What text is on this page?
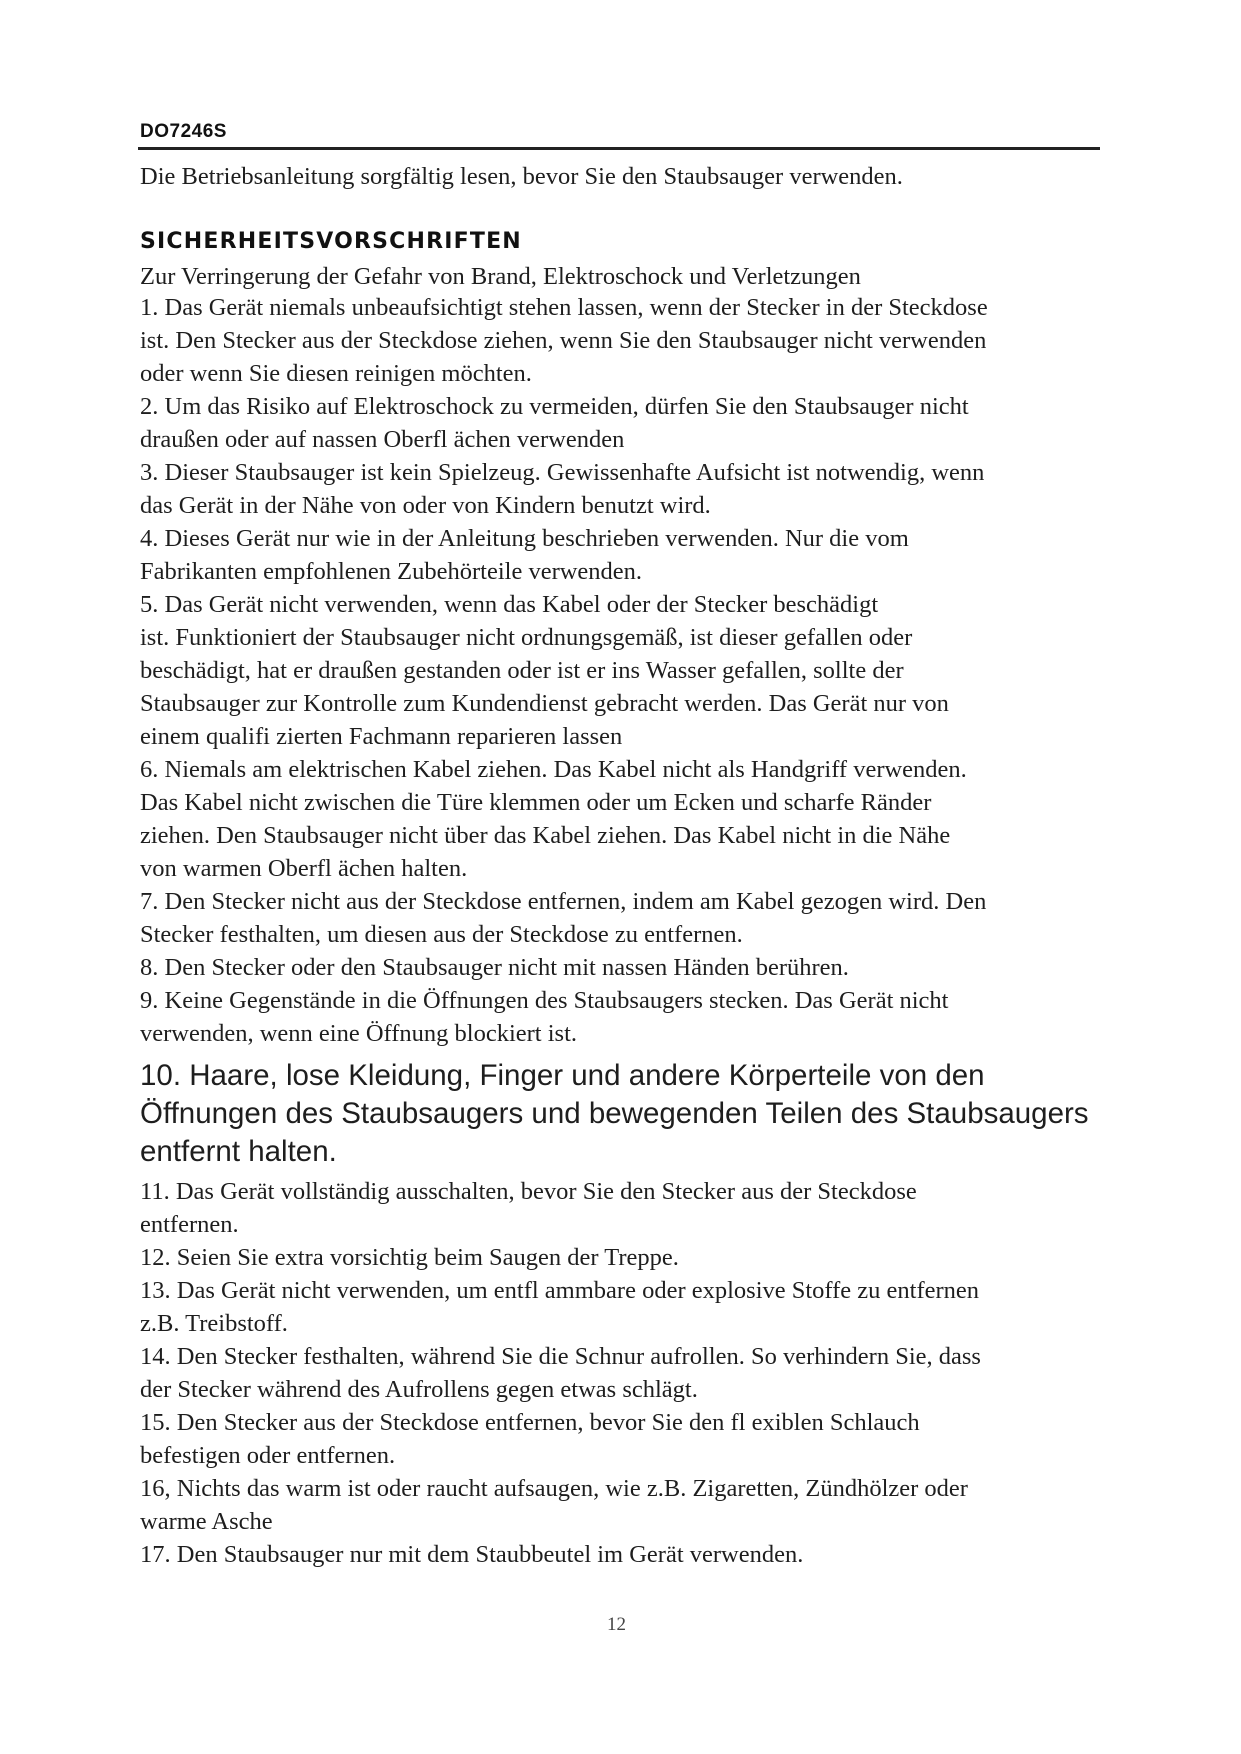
DO7246S
Die Betriebsanleitung sorgfältig lesen, bevor Sie den Staubsauger verwenden.
SICHERHEITSVORSCHRIFTEN
Zur Verringerung der Gefahr von Brand, Elektroschock und Verletzungen
1. Das Gerät niemals unbeaufsichtigt stehen lassen, wenn der Stecker in der Steckdose
ist. Den Stecker aus der Steckdose ziehen, wenn Sie den Staubsauger nicht verwenden
oder wenn Sie diesen reinigen möchten.
2. Um das Risiko auf Elektroschock zu vermeiden, dürfen Sie den Staubsauger nicht
draußen oder auf nassen Oberfl ächen verwenden
3. Dieser Staubsauger ist kein Spielzeug. Gewissenhafte Aufsicht ist notwendig, wenn
das Gerät in der Nähe von oder von Kindern benutzt wird.
4. Dieses Gerät nur wie in der Anleitung beschrieben verwenden. Nur die vom
Fabrikanten empfohlenen Zubehörteile verwenden.
5. Das Gerät nicht verwenden, wenn das Kabel oder der Stecker beschädigt
ist. Funktioniert der Staubsauger nicht ordnungsgemäß, ist dieser gefallen oder
beschädigt, hat er draußen gestanden oder ist er ins Wasser gefallen, sollte der
Staubsauger zur Kontrolle zum Kundendienst gebracht werden. Das Gerät nur von
einem qualifi zierten Fachmann reparieren lassen
6. Niemals am elektrischen Kabel ziehen. Das Kabel nicht als Handgriff verwenden.
Das Kabel nicht zwischen die Türe klemmen oder um Ecken und scharfe Ränder
ziehen. Den Staubsauger nicht über das Kabel ziehen. Das Kabel nicht in die Nähe
von warmen Oberfl ächen halten.
7. Den Stecker nicht aus der Steckdose entfernen, indem am Kabel gezogen wird. Den
Stecker festhalten, um diesen aus der Steckdose zu entfernen.
8. Den Stecker oder den Staubsauger nicht mit nassen Händen berühren.
9. Keine Gegenstände in die Öffnungen des Staubsaugers stecken. Das Gerät nicht
verwenden, wenn eine Öffnung blockiert ist.
10. Haare, lose Kleidung, Finger und andere Körperteile von den
Öffnungen des Staubsaugers und bewegenden Teilen des Staubsaugers
entfernt halten.
11. Das Gerät vollständig ausschalten, bevor Sie den Stecker aus der Steckdose
entfernen.
12. Seien Sie extra vorsichtig beim Saugen der Treppe.
13. Das Gerät nicht verwenden, um entfl ammbare oder explosive Stoffe zu entfernen
z.B. Treibstoff.
14. Den Stecker festhalten, während Sie die Schnur aufrollen. So verhindern Sie, dass
der Stecker während des Aufrollens gegen etwas schlägt.
15. Den Stecker aus der Steckdose entfernen, bevor Sie den fl exiblen Schlauch
befestigen oder entfernen.
16, Nichts das warm ist oder raucht aufsaugen, wie z.B. Zigaretten, Zündhölzer oder
warme Asche
17. Den Staubsauger nur mit dem Staubbeutel im Gerät verwenden.
12
